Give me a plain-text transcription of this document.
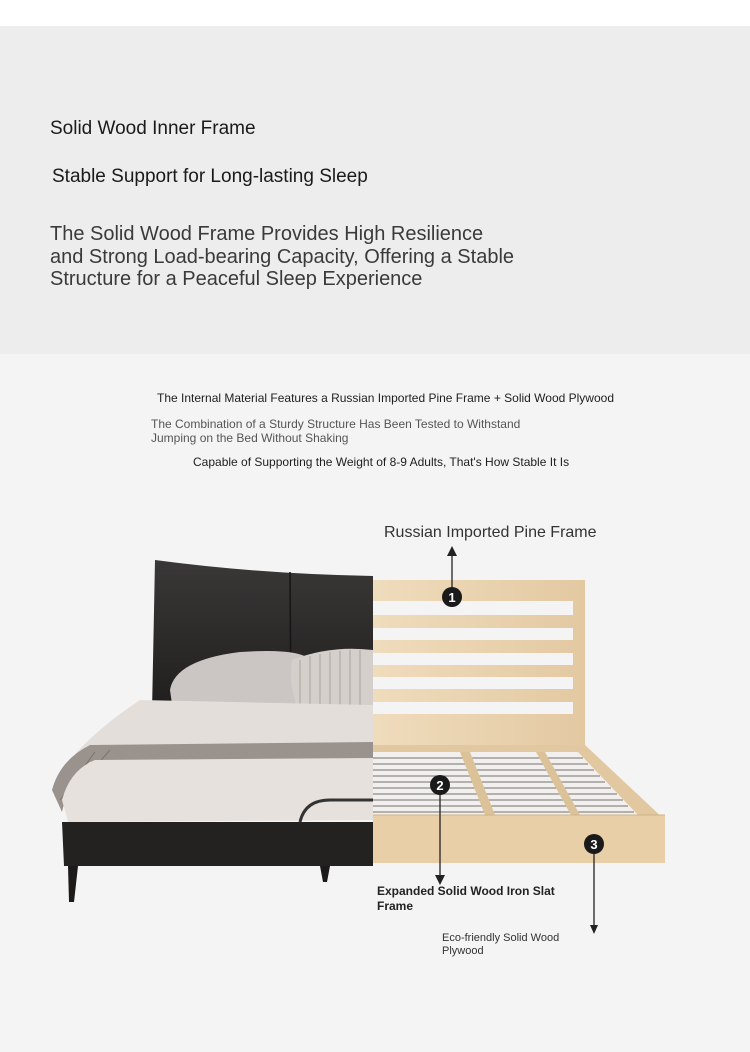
Solid Wood Inner Frame
Stable Support for Long-lasting Sleep
The Solid Wood Frame Provides High Resilience and Strong Load-bearing Capacity, Offering a Stable Structure for a Peaceful Sleep Experience
The Internal Material Features a Russian Imported Pine Frame + Solid Wood Plywood
The Combination of a Sturdy Structure Has Been Tested to Withstand Jumping on the Bed Without Shaking
Capable of Supporting the Weight of 8-9 Adults, That's How Stable It Is
1
2
3
Russian Imported Pine Frame
Expanded Solid Wood Iron Slat Frame
Eco-friendly Solid Wood Plywood
